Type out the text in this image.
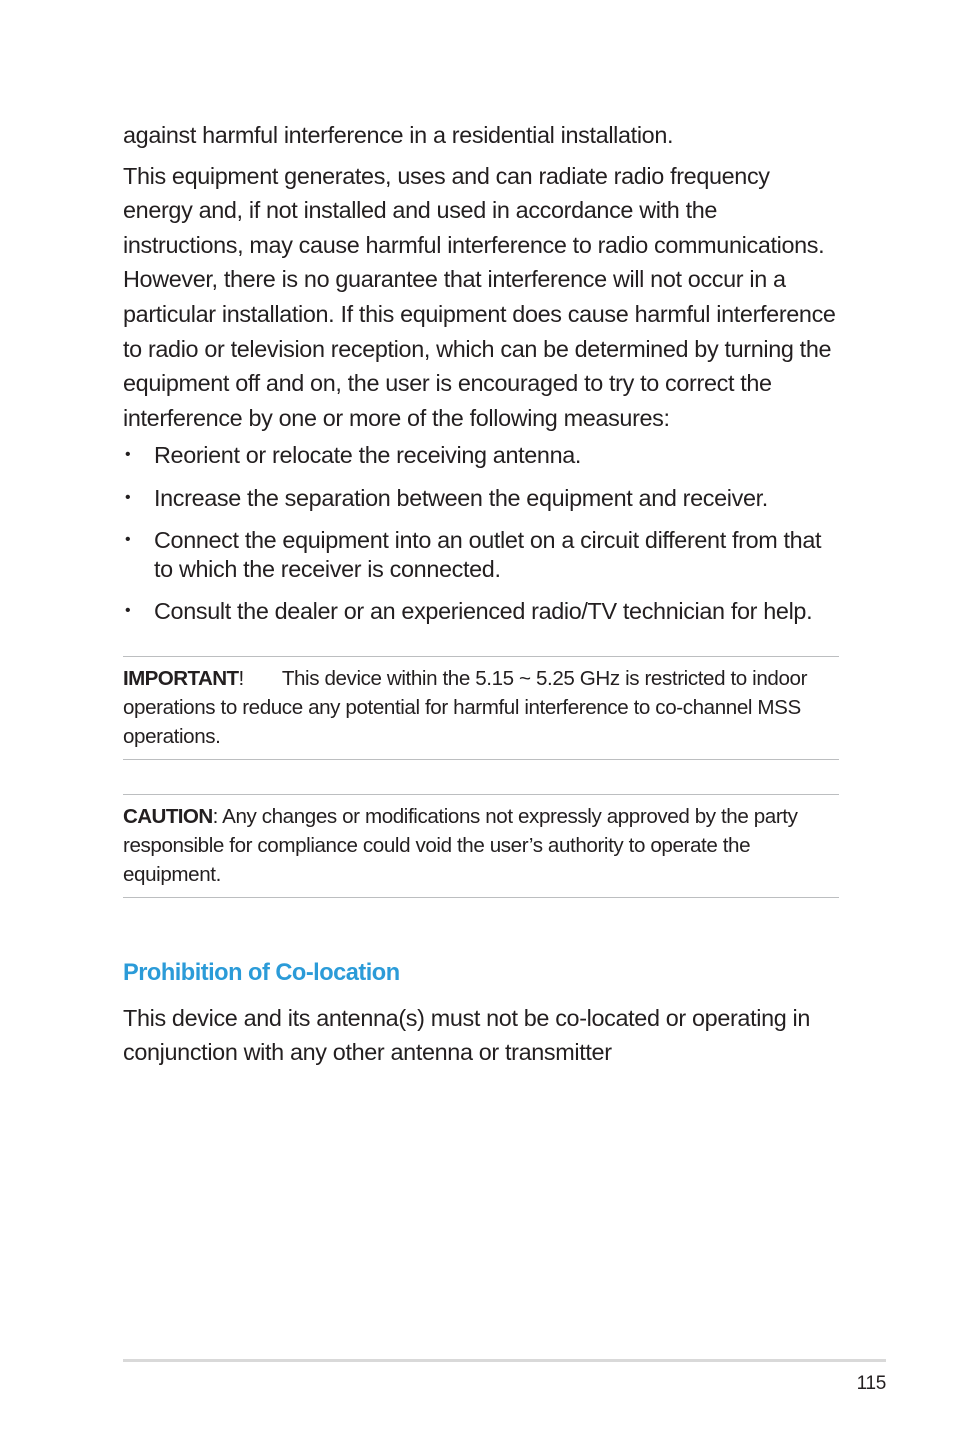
against harmful interference in a residential installation.

This equipment generates, uses and can radiate radio frequency energy and, if not installed and used in accordance with the instructions, may cause harmful interference to radio communications. However, there is no guarantee that interference will not occur in a particular installation. If this equipment does cause harmful interference to radio or television reception, which can be determined by turning the equipment off and on, the user is encouraged to try to correct the interference by one or more of the following measures:

• Reorient or relocate the receiving antenna.
• Increase the separation between the equipment and receiver.
• Connect the equipment into an outlet on a circuit different from that to which the receiver is connected.
• Consult the dealer or an experienced radio/TV technician for help.
IMPORTANT! This device within the 5.15 ~ 5.25 GHz is restricted to indoor operations to reduce any potential for harmful interference to co-channel MSS operations.
CAUTION: Any changes or modifications not expressly approved by the party responsible for compliance could void the user’s authority to operate the equipment.
Prohibition of Co-location

This device and its antenna(s) must not be co-located or operating in conjunction with any other antenna or transmitter

115
